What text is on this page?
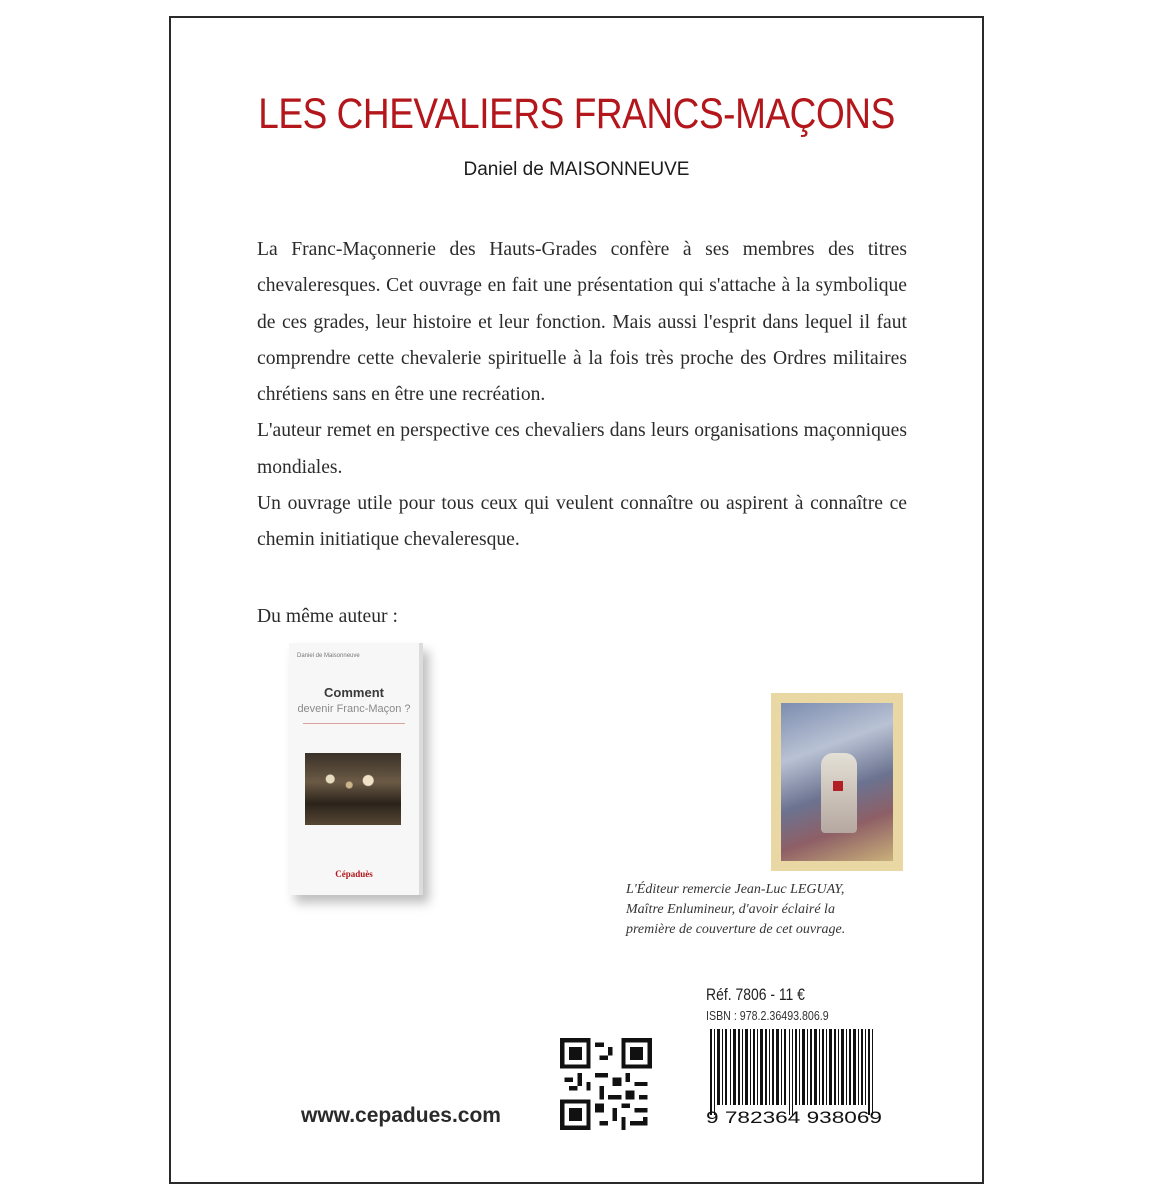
LES CHEVALIERS FRANCS-MAÇONS
Daniel de MAISONNEUVE

La Franc-Maçonnerie des Hauts-Grades confère à ses membres des titres chevaleresques. Cet ouvrage en fait une présentation qui s'attache à la symbolique de ces grades, leur histoire et leur fonction. Mais aussi l'esprit dans lequel il faut comprendre cette chevalerie spirituelle à la fois très proche des Ordres militaires chrétiens sans en être une recréation.

L'auteur remet en perspective ces chevaliers dans leurs organisations maçonniques mondiales.

Un ouvrage utile pour tous ceux qui veulent connaître ou aspirent à connaître ce chemin initiatique chevaleresque.

Du même auteur :
Daniel de Maisonneuve
Comment
devenir Franc-Maçon ?
Cépaduès
L'Éditeur remercie Jean-Luc LEGUAY,
Maître Enlumineur, d'avoir éclairé la
première de couverture de cet ouvrage.
Réf. 7806 - 11 €
ISBN : 978.2.36493.806.9
9 782364 938069
www.cepadues.com
